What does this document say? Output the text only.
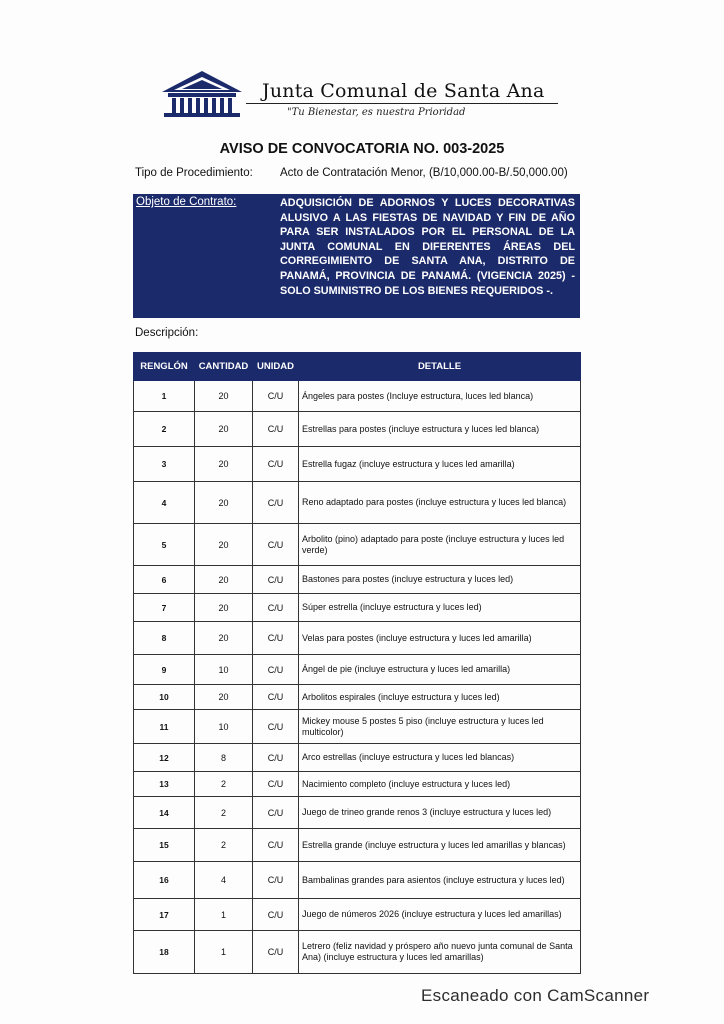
Junta Comunal de Santa Ana
"Tu Bienestar, es nuestra Prioridad
AVISO DE CONVOCATORIA NO. 003-2025
Tipo de Procedimiento: Acto de Contratación Menor, (B/10,000.00-B/.50,000.00)
Objeto de Contrato:	ADQUISICIÓN DE ADORNOS Y LUCES DECORATIVAS ALUSIVO A LAS FIESTAS DE NAVIDAD Y FIN DE AÑO PARA SER INSTALADOS POR EL PERSONAL DE LA JUNTA COMUNAL EN DIFERENTES ÁREAS DEL CORREGIMIENTO DE SANTA ANA, DISTRITO DE PANAMÁ, PROVINCIA DE PANAMÁ. (VIGENCIA 2025) - SOLO SUMINISTRO DE LOS BIENES REQUERIDOS -.
Descripción:
RENGLÓN	CANTIDAD	UNIDAD	DETALLE
1	20	C/U	Ángeles para postes (Incluye estructura, luces led blanca)
2	20	C/U	Estrellas para postes (incluye estructura y luces led blanca)
3	20	C/U	Estrella fugaz (incluye estructura y luces led amarilla)
4	20	C/U	Reno adaptado para postes (incluye estructura y luces led blanca)
5	20	C/U	Arbolito (pino) adaptado para poste (incluye estructura y luces led verde)
6	20	C/U	Bastones para postes (incluye estructura y luces led)
7	20	C/U	Súper estrella (incluye estructura y luces led)
8	20	C/U	Velas para postes (incluye estructura y luces led amarilla)
9	10	C/U	Ángel de pie (incluye estructura y luces led amarilla)
10	20	C/U	Arbolitos espirales (incluye estructura y luces led)
11	10	C/U	Mickey mouse 5 postes 5 piso (incluye estructura y luces led multicolor)
12	8	C/U	Arco estrellas (incluye estructura y luces led blancas)
13	2	C/U	Nacimiento completo (incluye estructura y luces led)
14	2	C/U	Juego de trineo grande renos 3 (incluye estructura y luces led)
15	2	C/U	Estrella grande (incluye estructura y luces led amarillas y blancas)
16	4	C/U	Bambalinas grandes para asientos (incluye estructura y luces led)
17	1	C/U	Juego de números 2026 (incluye estructura y luces led amarillas)
18	1	C/U	Letrero (feliz navidad y próspero año nuevo junta comunal de Santa Ana) (incluye estructura y luces led amarillas)
Escaneado con CamScanner
